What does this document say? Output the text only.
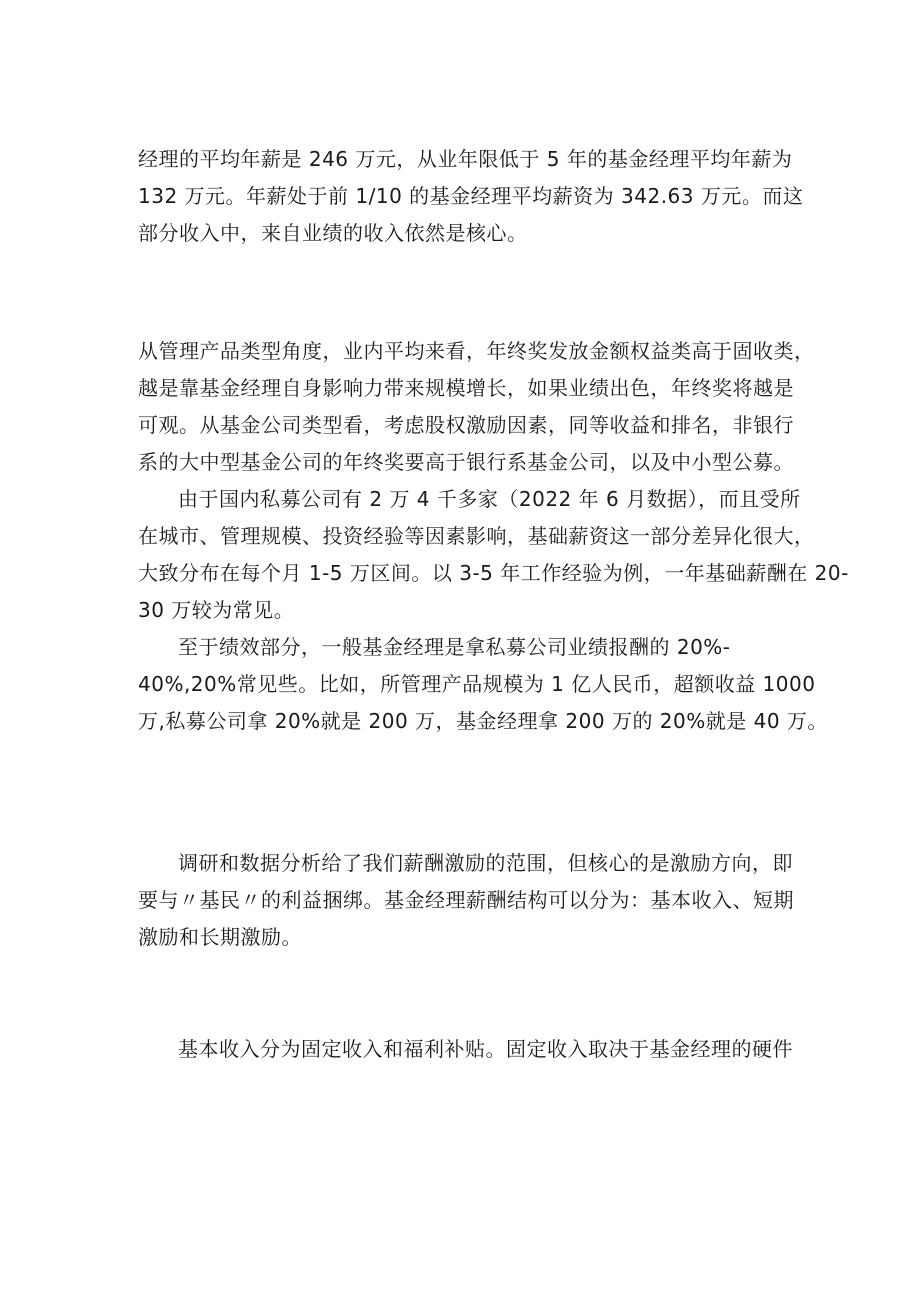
经理的平均年薪是 246 万元，从业年限低于 5 年的基金经理平均年薪为
132 万元。年薪处于前 1/10 的基金经理平均薪资为 342.63 万元。而这
部分收入中，来自业绩的收入依然是核心。

从管理产品类型角度，业内平均来看，年终奖发放金额权益类高于固收类，
越是靠基金经理自身影响力带来规模增长，如果业绩出色，年终奖将越是
可观。从基金公司类型看，考虑股权激励因素，同等收益和排名，非银行
系的大中型基金公司的年终奖要高于银行系基金公司，以及中小型公募。
由于国内私募公司有 2 万 4 千多家（2022 年 6 月数据），而且受所
在城市、管理规模、投资经验等因素影响，基础薪资这一部分差异化很大，

大致分布在每个月 1-5 万区间。以 3-5 年工作经验为例，一年基础薪酬在 20-
30 万较为常见。
至于绩效部分，一般基金经理是拿私募公司业绩报酬的 20%-
40%,20%常见些。比如，所管理产品规模为 1 亿人民币，超额收益 1000
万,私募公司拿 20%就是 200 万，基金经理拿 200 万的 20%就是 40 万。

调研和数据分析给了我们薪酬激励的范围，但核心的是激励方向，即
要与〃基民〃的利益捆绑。基金经理薪酬结构可以分为：基本收入、短期
激励和长期激励。

基本收入分为固定收入和福利补贴。固定收入取决于基金经理的硬件
